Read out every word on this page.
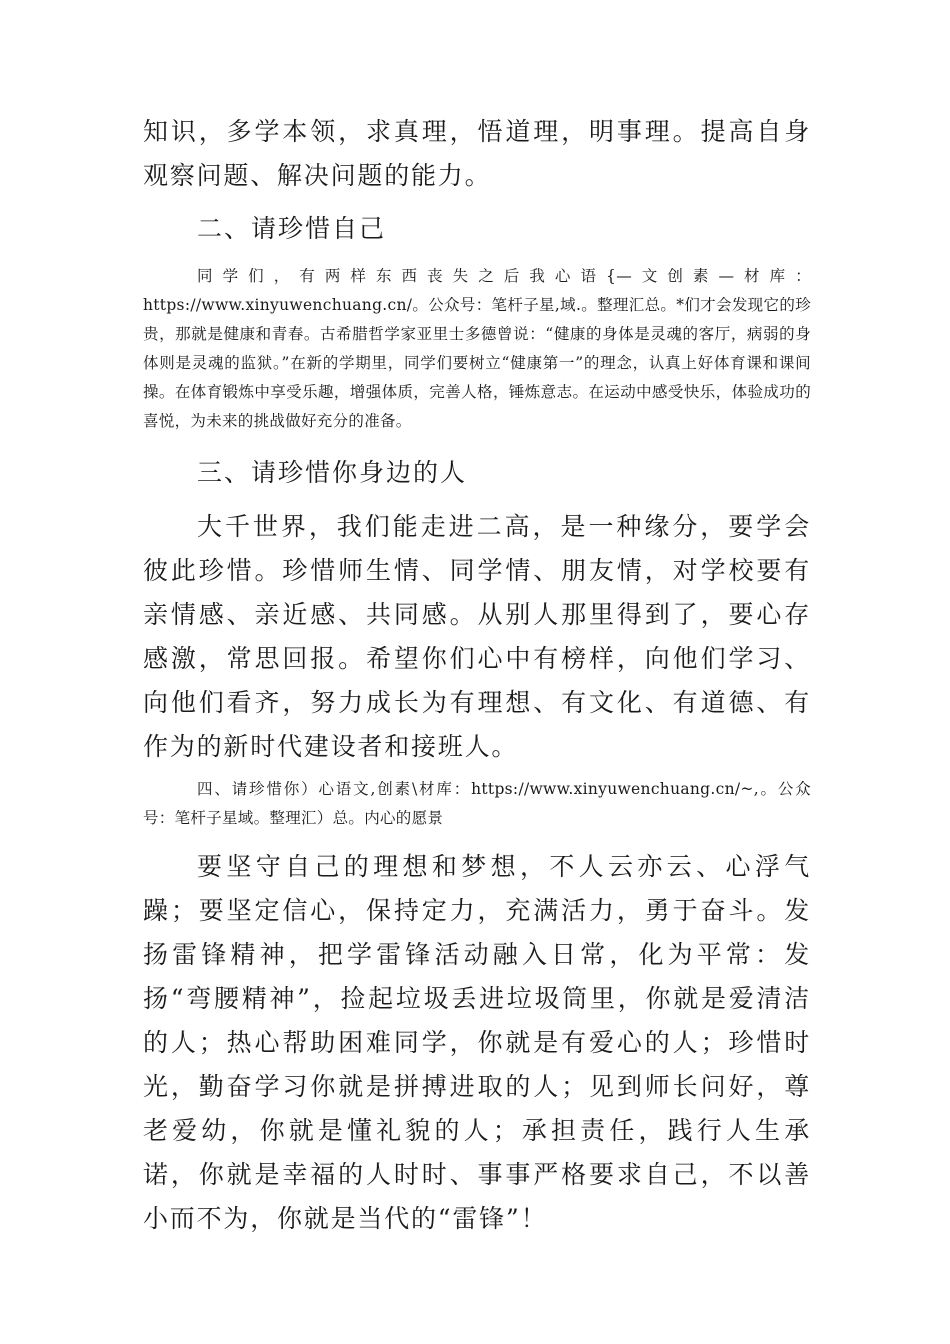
知识，多学本领，求真理，悟道理，明事理。提高自身观察问题、解决问题的能力。

二、请珍惜自己

同学们，有两样东西丧失之后我心语{—文创素—材库：https://www.xinyuwenchuang.cn/。公众号：笔杆子星,域.。整理汇总。*们才会发现它的珍贵，那就是健康和青春。古希腊哲学家亚里士多德曾说：“健康的身体是灵魂的客厅，病弱的身体则是灵魂的监狱。”在新的学期里，同学们要树立“健康第一”的理念，认真上好体育课和课间操。在体育锻炼中享受乐趣，增强体质，完善人格，锤炼意志。在运动中感受快乐，体验成功的喜悦，为未来的挑战做好充分的准备。

三、请珍惜你身边的人

大千世界，我们能走进二高，是一种缘分，要学会彼此珍惜。珍惜师生情、同学情、朋友情，对学校要有亲情感、亲近感、共同感。从别人那里得到了，要心存感激，常思回报。希望你们心中有榜样，向他们学习、向他们看齐，努力成长为有理想、有文化、有道德、有作为的新时代建设者和接班人。

四、请珍惜你）心语文,创素\材库：https://www.xinyuwenchuang.cn/~,。公众号：笔杆子星域。整理汇）总。内心的愿景

要坚守自己的理想和梦想，不人云亦云、心浮气躁；要坚定信心，保持定力，充满活力，勇于奋斗。发扬雷锋精神，把学雷锋活动融入日常，化为平常：发扬“弯腰精神”，捡起垃圾丢进垃圾筒里，你就是爱清洁的人；热心帮助困难同学，你就是有爱心的人；珍惜时光，勤奋学习你就是拼搏进取的人；见到师长问好，尊老爱幼，你就是懂礼貌的人；承担责任，践行人生承诺，你就是幸福的人时时、事事严格要求自己，不以善小而不为，你就是当代的“雷锋”！
